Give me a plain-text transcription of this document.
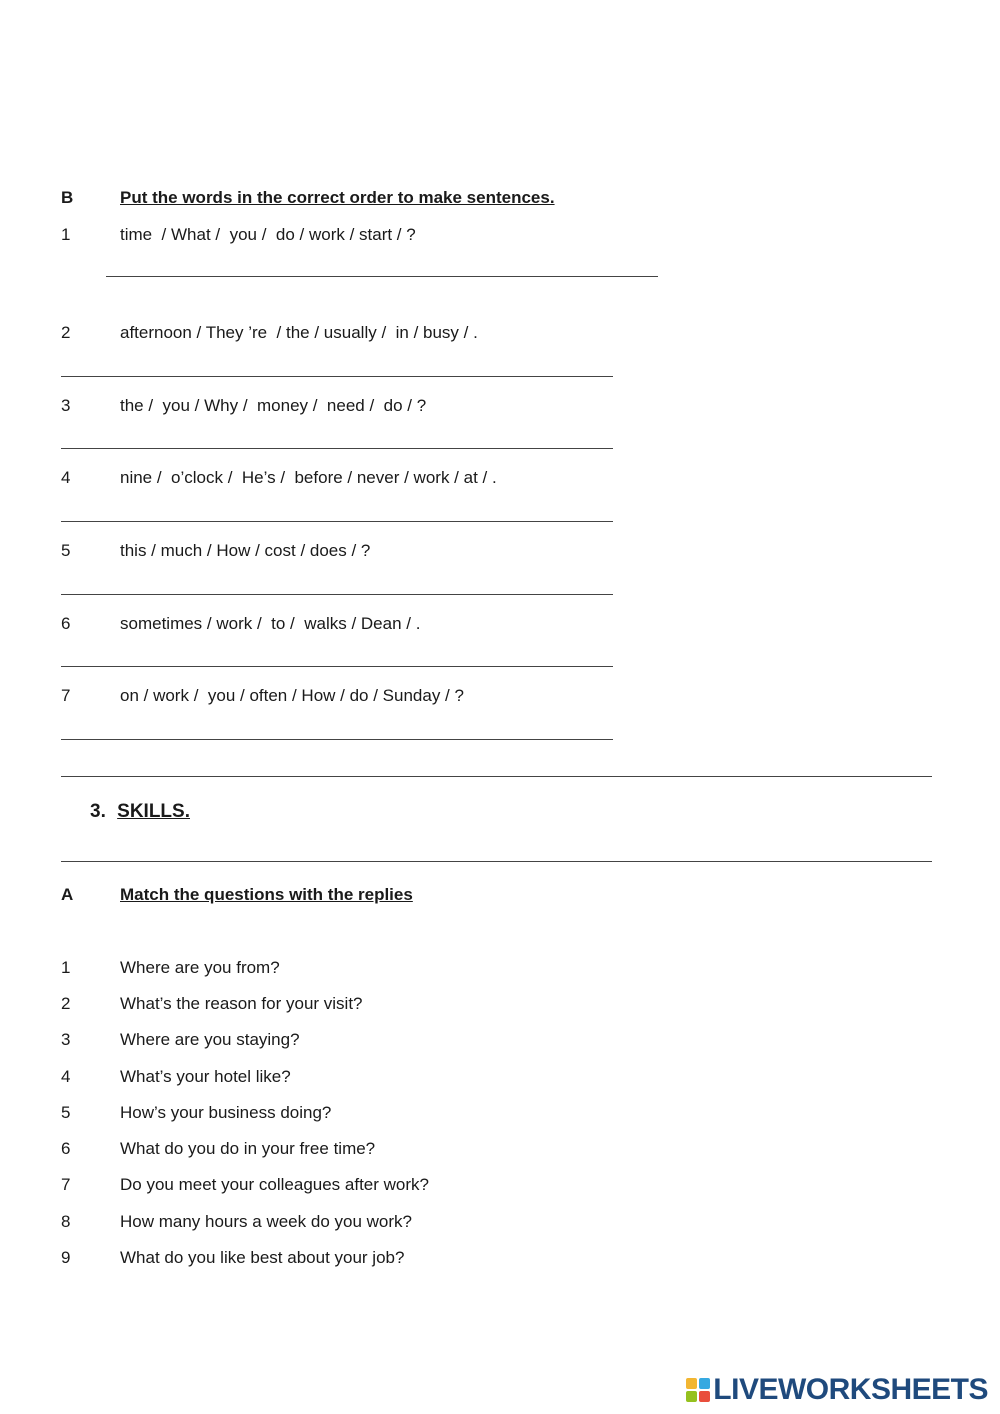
B	Put the words in the correct order to make sentences.
1	time  / What /  you /  do / work / start / ?
2	afternoon / They ’re  / the / usually /  in / busy / .
3	the /  you / Why /  money /  need /  do / ?
4	nine /  o’clock /  He’s /  before / never / work / at / .
5	this / much / How / cost / does / ?
6	sometimes / work /  to /  walks / Dean / .
7	on / work /  you / often / How / do / Sunday / ?
3. SKILLS.
A	Match the questions with the replies
1	Where are you from?
2	What’s the reason for your visit?
3	Where are you staying?
4	What’s your hotel like?
5	How’s your business doing?
6	What do you do in your free time?
7	Do you meet your colleagues after work?
8	How many hours a week do you work?
9	What do you like best about your job?
LIVEWORKSHEETS
